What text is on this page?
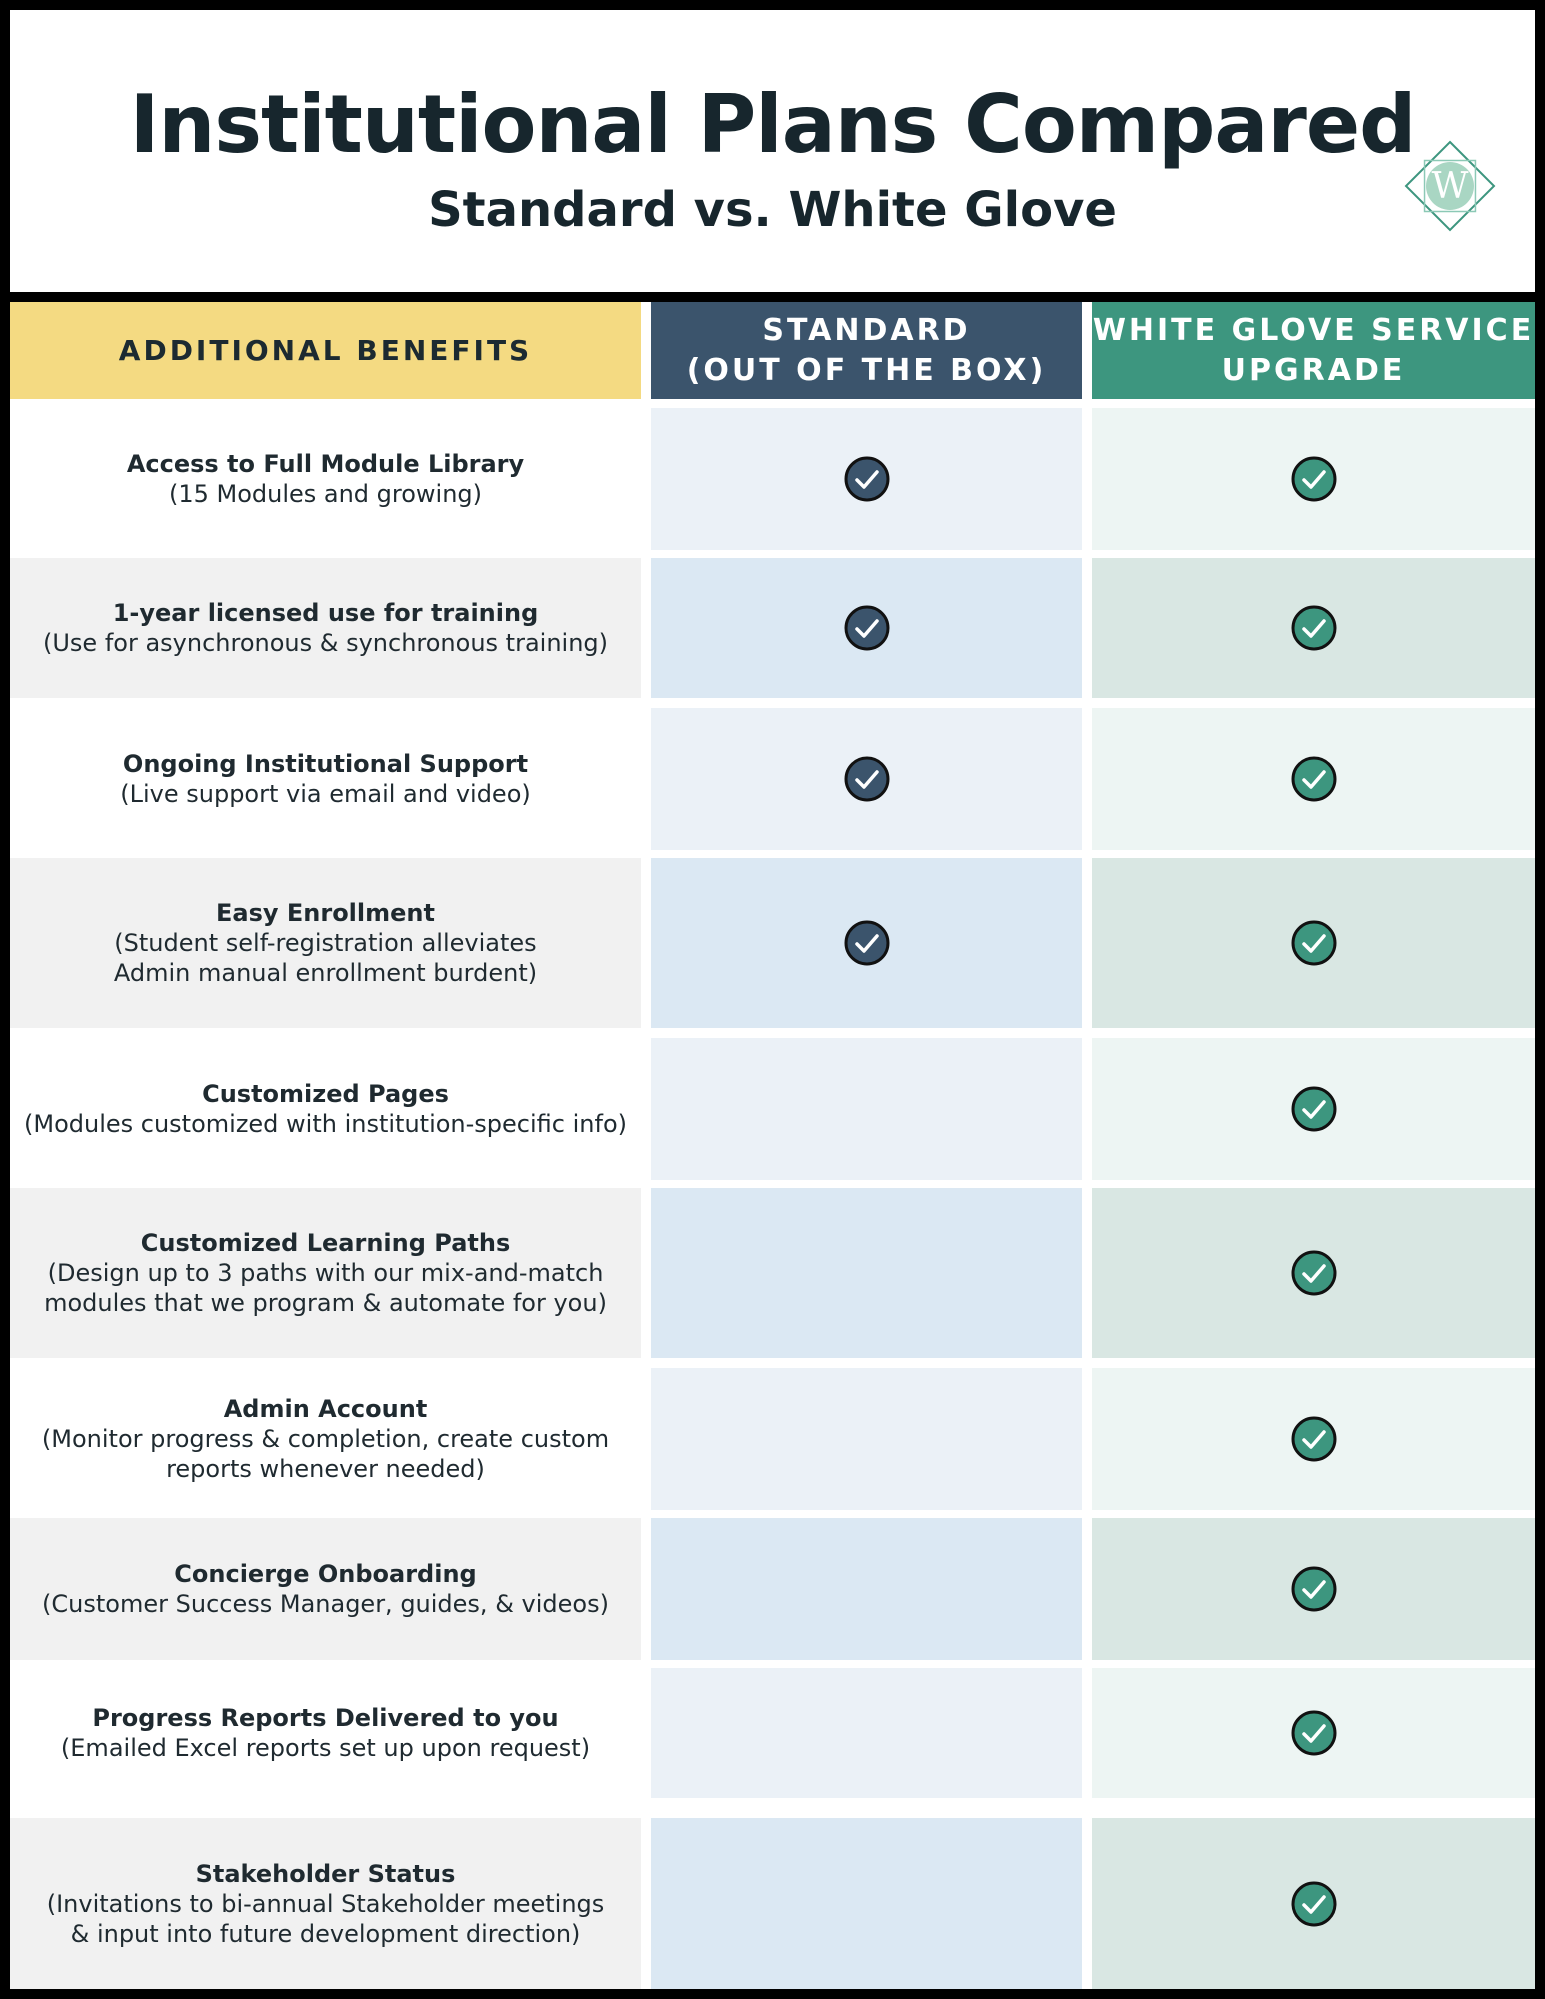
Institutional Plans Compared
Standard vs. White Glove	W
ADDITIONAL BENEFITS
STANDARD
(OUT OF THE BOX)
WHITE GLOVE SERVICE
UPGRADE
Access to Full Module Library
(15 Modules and growing)
1-year licensed use for training
(Use for asynchronous & synchronous training)
Ongoing Institutional Support
(Live support via email and video)
Easy Enrollment
(Student self-registration alleviates
Admin manual enrollment burdent)
Customized Pages
(Modules customized with institution-specific info)
Customized Learning Paths
(Design up to 3 paths with our mix-and-match
modules that we program & automate for you)
Admin Account
(Monitor progress & completion, create custom
reports whenever needed)
Concierge Onboarding
(Customer Success Manager, guides, & videos)
Progress Reports Delivered to you
(Emailed Excel reports set up upon request)
Stakeholder Status
(Invitations to bi-annual Stakeholder meetings
& input into future development direction)
